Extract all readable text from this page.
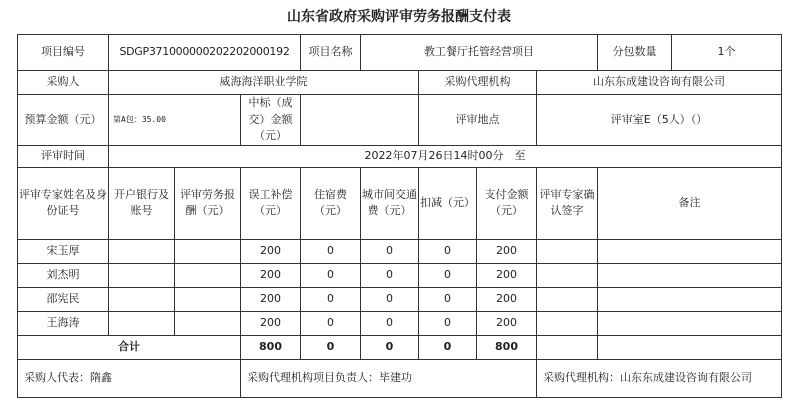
山东省政府采购评审劳务报酬支付表
项目编号	SDGP371000000202202000192			项目名称	教工餐厅托管经营项目				分包数量	1个
采购人	威海海洋职业学院					采购代理机构		山东东成建设咨询有限公司		
预算金额（元）	第A包：35.00		中标（成交）金额（元）			评审地点		评审室E（5人）（）		
评审时间	2022年07月26日14时00分　至									
评审专家姓名及身份证号	开户银行及账号	评审劳务报酬（元）	误工补偿（元）	住宿费（元）	城市间交通费（元）	扣减（元）	支付金额（元）	评审专家确认签字	备注	
宋玉厚			200	0	0	0	200			
刘杰明			200	0	0	0	200			
邵宪民			200	0	0	0	200			
王海涛			200	0	0	0	200			
合计			800	0	0	0	800			
采购人代表：隋鑫			采购代理机构项目负责人：毕建功					采购代理机构：山东东成建设咨询有限公司		
